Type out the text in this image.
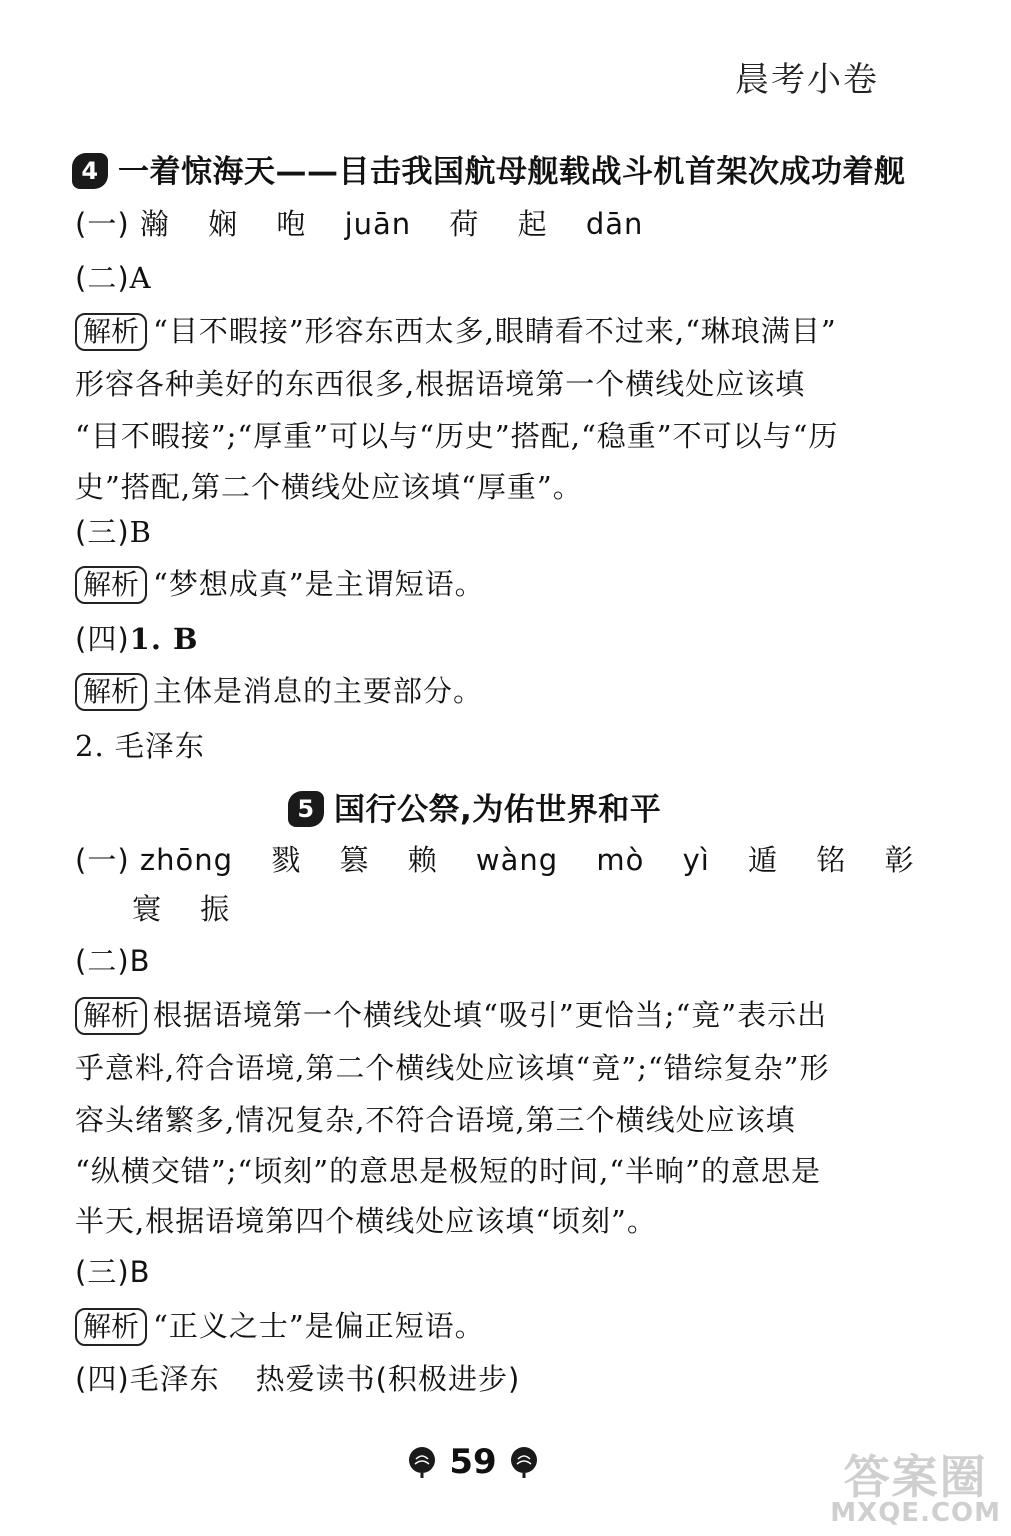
晨考小卷
4 一着惊海天——目击我国航母舰载战斗机首架次成功着舰
(一) 瀚 娴 咆 juān 荷 起 dān
(二)A
解析 “目不暇接”形容东西太多,眼睛看不过来,“琳琅满目”
形容各种美好的东西很多,根据语境第一个横线处应该填
“目不暇接”;“厚重”可以与“历史”搭配,“稳重”不可以与“历
史”搭配,第二个横线处应该填“厚重”。
(三)B
解析 “梦想成真”是主谓短语。
(四)1. B
解析 主体是消息的主要部分。
2. 毛泽东
5 国行公祭,为佑世界和平
(一) zhōng 戮 篡 赖 wàng mò yì 遁 铭 彰
寰 振
(二)B
解析 根据语境第一个横线处填“吸引”更恰当;“竟”表示出
乎意料,符合语境,第二个横线处应该填“竟”;“错综复杂”形
容头绪繁多,情况复杂,不符合语境,第三个横线处应该填
“纵横交错”;“顷刻”的意思是极短的时间,“半晌”的意思是
半天,根据语境第四个横线处应该填“顷刻”。
(三)B
解析 “正义之士”是偏正短语。
(四)毛泽东 热爱读书(积极进步)
59	答案圈
MXQE.COM
